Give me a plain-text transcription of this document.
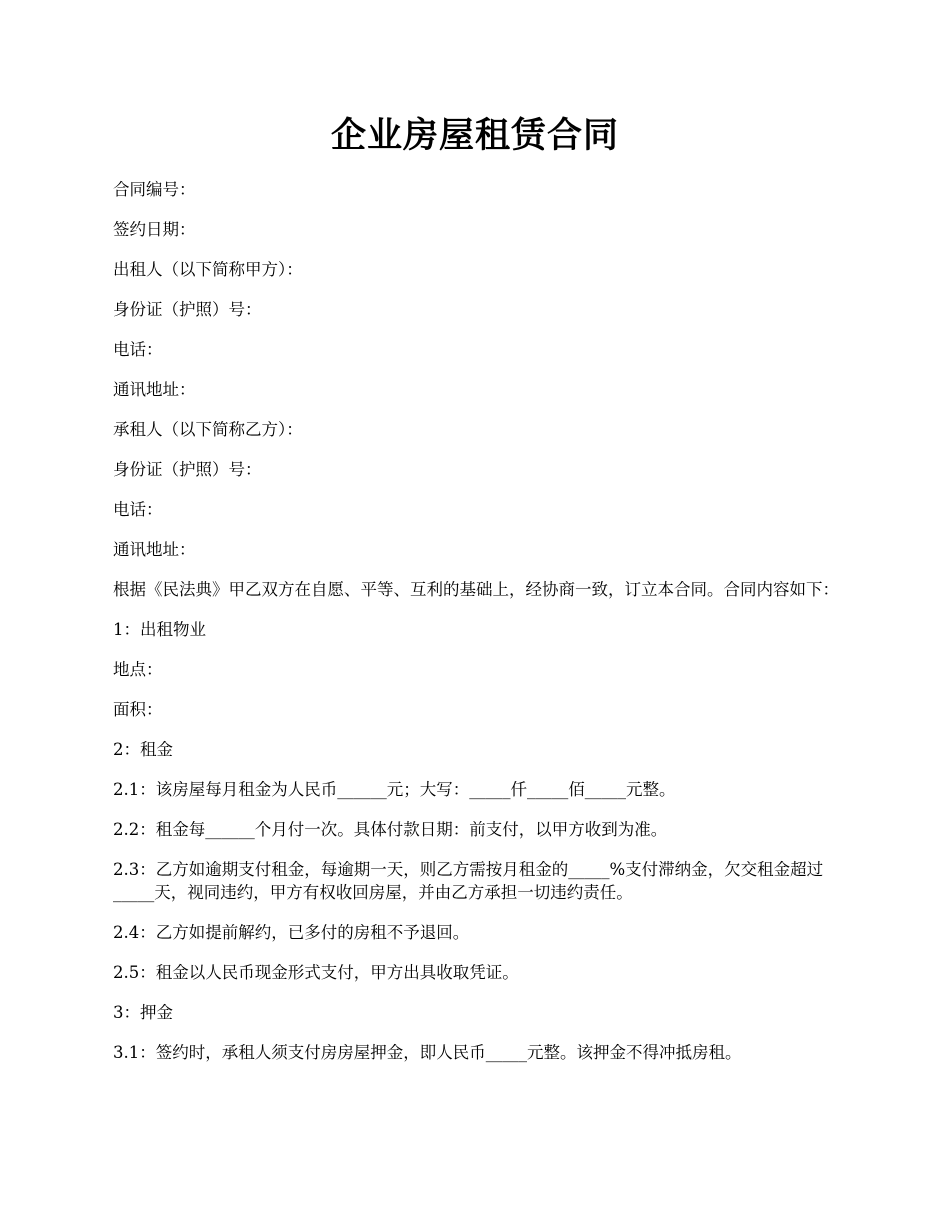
企业房屋租赁合同

合同编号：

签约日期：

出租人（以下简称甲方）：

身份证（护照）号：

电话：

通讯地址：

承租人（以下简称乙方）：

身份证（护照）号：

电话：

通讯地址：

根据《民法典》甲乙双方在自愿、平等、互利的基础上，经协商一致，订立本合同。合同内容如下：

1：出租物业

地点：

面积：

2：租金

2.1：该房屋每月租金为人民币______元；大写：_____仟_____佰_____元整。

2.2：租金每______个月付一次。具体付款日期：前支付，以甲方收到为准。

2.3：乙方如逾期支付租金，每逾期一天，则乙方需按月租金的_____%支付滞纳金，欠交租金超过_____天，视同违约，甲方有权收回房屋，并由乙方承担一切违约责任。

2.4：乙方如提前解约，已多付的房租不予退回。

2.5：租金以人民币现金形式支付，甲方出具收取凭证。

3：押金

3.1：签约时，承租人须支付房房屋押金，即人民币_____元整。该押金不得冲抵房租。
